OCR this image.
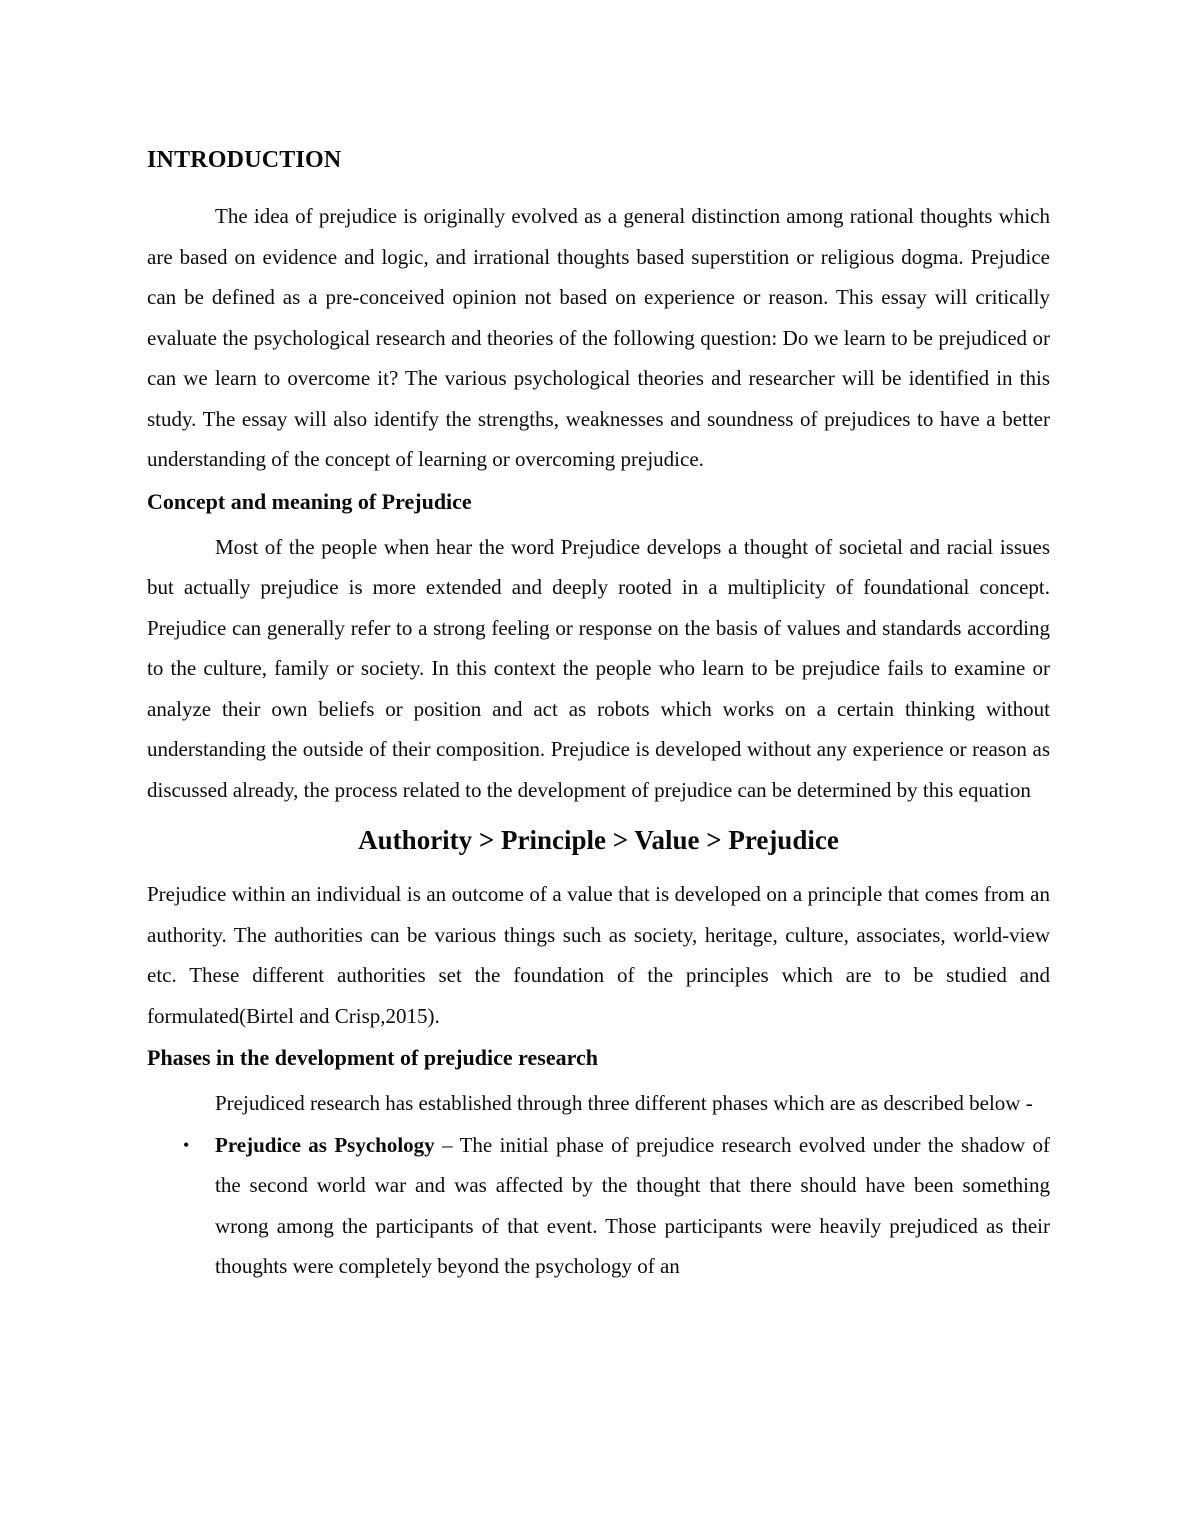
INTRODUCTION

The idea of prejudice is originally evolved as a general distinction among rational thoughts which are based on evidence and logic, and irrational thoughts based superstition or religious dogma. Prejudice can be defined as a pre-conceived opinion not based on experience or reason. This essay will critically evaluate the psychological research and theories of the following question: Do we learn to be prejudiced or can we learn to overcome it? The various psychological theories and researcher will be identified in this study. The essay will also identify the strengths, weaknesses and soundness of prejudices to have a better understanding of the concept of learning or overcoming prejudice.

Concept and meaning of Prejudice

Most of the people when hear the word Prejudice develops a thought of societal and racial issues but actually prejudice is more extended and deeply rooted in a multiplicity of foundational concept. Prejudice can generally refer to a strong feeling or response on the basis of values and standards according to the culture, family or society. In this context the people who learn to be prejudice fails to examine or analyze their own beliefs or position and act as robots which works on a certain thinking without understanding the outside of their composition. Prejudice is developed without any experience or reason as discussed already, the process related to the development of prejudice can be determined by this equation

Authority > Principle > Value > Prejudice

Prejudice within an individual is an outcome of a value that is developed on a principle that comes from an authority. The authorities can be various things such as society, heritage, culture, associates, world-view etc. These different authorities set the foundation of the principles which are to be studied and formulated(Birtel and Crisp,2015).

Phases in the development of prejudice research

Prejudiced research has established through three different phases which are as described below -

• Prejudice as Psychology – The initial phase of prejudice research evolved under the shadow of the second world war and was affected by the thought that there should have been something wrong among the participants of that event. Those participants were heavily prejudiced as their thoughts were completely beyond the psychology of an
